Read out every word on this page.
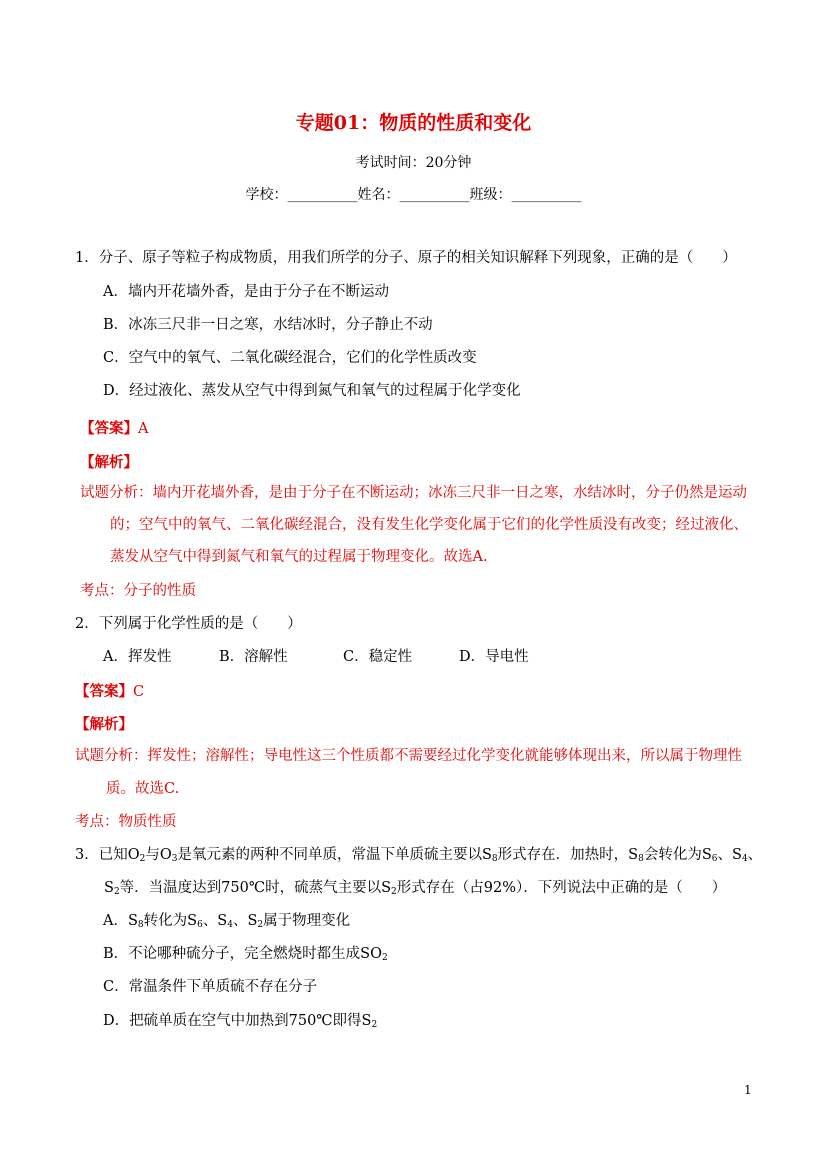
专题01：物质的性质和变化
考试时间：20分钟
学校：__________姓名：__________班级：__________
1．分子、原子等粒子构成物质，用我们所学的分子、原子的相关知识解释下列现象，正确的是（　　）
A．墙内开花墙外香，是由于分子在不断运动
B．冰冻三尺非一日之寒，水结冰时，分子静止不动
C．空气中的氧气、二氧化碳经混合，它们的化学性质改变
D．经过液化、蒸发从空气中得到氮气和氧气的过程属于化学变化
【答案】A
【解析】
试题分析：墙内开花墙外香，是由于分子在不断运动；冰冻三尺非一日之寒，水结冰时，分子仍然是运动
的；空气中的氧气、二氧化碳经混合，没有发生化学变化属于它们的化学性质没有改变；经过液化、
蒸发从空气中得到氮气和氧气的过程属于物理变化。故选A.
考点：分子的性质
2．下列属于化学性质的是（　　）
A．挥发性	B．溶解性	C．稳定性	D．导电性
【答案】C
【解析】
试题分析：挥发性；溶解性；导电性这三个性质都不需要经过化学变化就能够体现出来，所以属于物理性
质。故选C.
考点：物质性质
3．已知$O_2$与$O_3$是氧元素的两种不同单质，常温下单质硫主要以$S_8$形式存在．加热时，$S_8$会转化为$S_6$、$S_4$、
$S_2$等．当温度达到750℃时，硫蒸气主要以$S_2$形式存在（占92%）．下列说法中正确的是（　　）
A．$S_8$转化为$S_6$、$S_4$、$S_2$属于物理变化
B．不论哪种硫分子，完全燃烧时都生成$SO_2$
C．常温条件下单质硫不存在分子
D．把硫单质在空气中加热到750℃即得$S_2$
1
